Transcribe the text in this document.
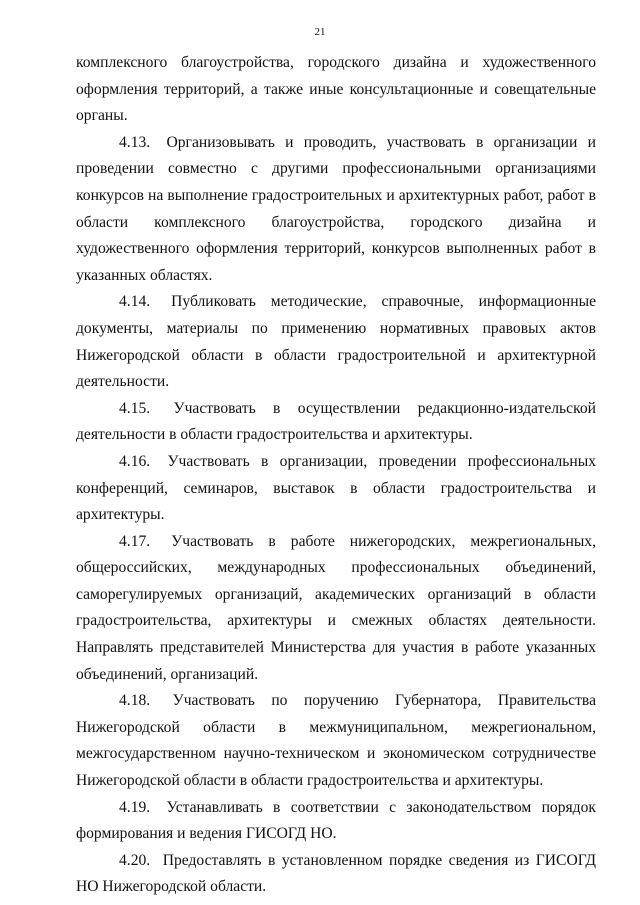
21

комплексного благоустройства, городского дизайна и художественного оформления территорий, а также иные консультационные и совещательные органы.

4.13. Организовывать и проводить, участвовать в организации и проведении совместно с другими профессиональными организациями конкурсов на выполнение градостроительных и архитектурных работ, работ в области комплексного благоустройства, городского дизайна и художественного оформления территорий, конкурсов выполненных работ в указанных областях.

4.14. Публиковать методические, справочные, информационные документы, материалы по применению нормативных правовых актов Нижегородской области в области градостроительной и архитектурной деятельности.

4.15. Участвовать в осуществлении редакционно-издательской деятельности в области градостроительства и архитектуры.

4.16. Участвовать в организации, проведении профессиональных конференций, семинаров, выставок в области градостроительства и архитектуры.

4.17. Участвовать в работе нижегородских, межрегиональных, общероссийских, международных профессиональных объединений, саморегулируемых организаций, академических организаций в области градостроительства, архитектуры и смежных областях деятельности. Направлять представителей Министерства для участия в работе указанных объединений, организаций.

4.18. Участвовать по поручению Губернатора, Правительства Нижегородской области в межмуниципальном, межрегиональном, межгосударственном научно-техническом и экономическом сотрудничестве Нижегородской области в области градостроительства и архитектуры.

4.19. Устанавливать в соответствии с законодательством порядок формирования и ведения ГИСОГД НО.

4.20. Предоставлять в установленном порядке сведения из ГИСОГД НО Нижегородской области.
